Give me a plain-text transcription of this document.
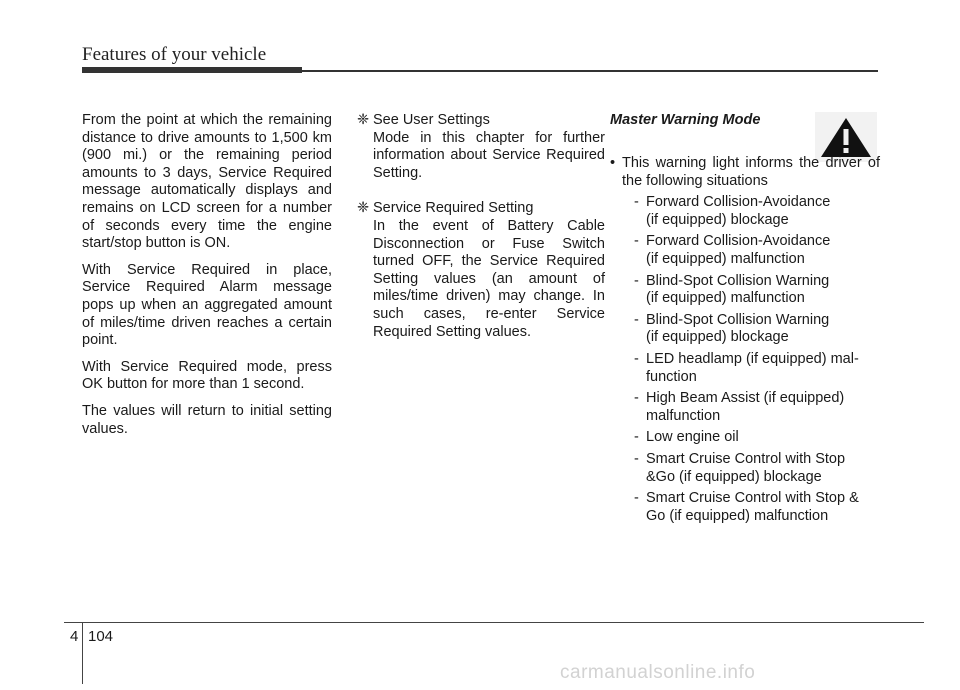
Features of your vehicle

From the point at which the remaining distance to drive amounts to 1,500 km (900 mi.) or the remaining period amounts to 3 days, Service Required message automatically displays and remains on LCD screen for a number of seconds every time the engine start/stop button is ON.

With Service Required in place, Service Required Alarm message pops up when an aggregated amount of miles/time driven reaches a certain point.

With Service Required mode, press OK button for more than 1 second.

The values will return to initial setting values.

❈ See User Settings
Mode in this chapter for further information about Service Required Setting.
❈ Service Required Setting
In the event of Battery Cable Disconnection or Fuse Switch turned OFF, the Service Required Setting values (an amount of miles/time driven) may change. In such cases, re-enter Service Required Setting values.
Master Warning Mode
• This warning light informs the driver of the following situations
- Forward Collision-Avoidance
(if equipped) blockage
- Forward Collision-Avoidance
(if equipped) malfunction
- Blind-Spot Collision Warning
(if equipped) malfunction
- Blind-Spot Collision Warning
(if equipped) blockage
- LED headlamp (if equipped) mal-
function
- High Beam Assist (if equipped)
malfunction
- Low engine oil
- Smart Cruise Control with Stop
&Go (if equipped) blockage
- Smart Cruise Control with Stop &
Go (if equipped) malfunction
4 104
carmanualsonline.info
